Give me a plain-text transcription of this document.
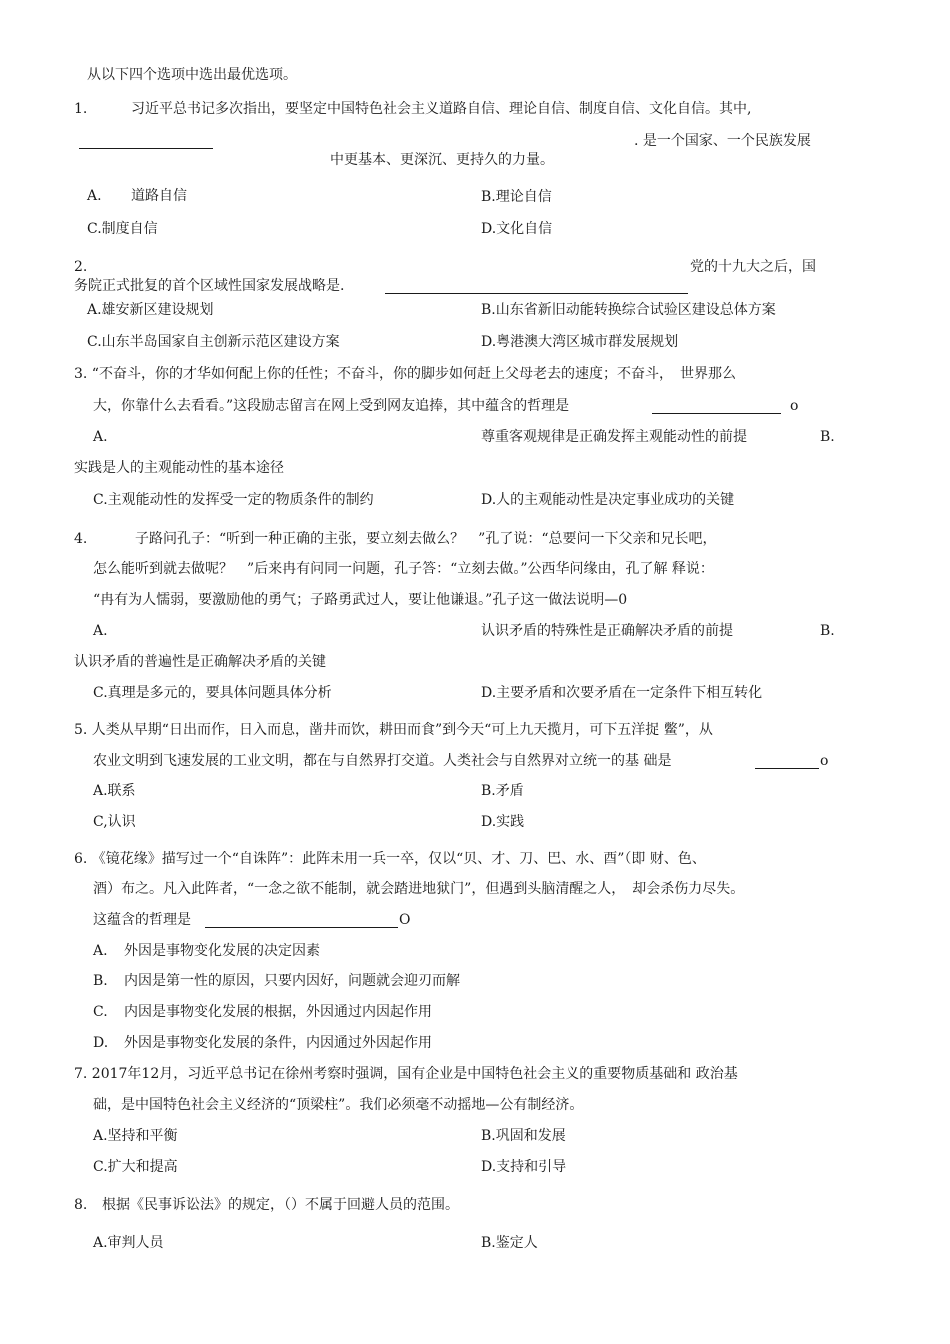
从以下四个选项中选出最优选项。
1.	习近平总书记多次指出，要坚定中国特色社会主义道路自信、理论自信、制度自信、文化自信。其中,
. 是一个国家、一个民族发展
中更基本、更深沉、更持久的力量。
A. 道路自信	B.理论自信
C.制度自信	D.文化自信
2.	党的十九大之后，国
务院正式批复的首个区域性国家发展战略是.
A.雄安新区建设规划	B.山东省新旧动能转换综合试验区建设总体方案
C.山东半岛国家自主创新示范区建设方案	D.粤港澳大湾区城市群发展规划
3. “不奋斗，你的才华如何配上你的任性；不奋斗，你的脚步如何赶上父母老去的速度；不奋斗，　世界那么
大，你靠什么去看看。”这段励志留言在网上受到网友追捧，其中蕴含的哲理是	o
A.	尊重客观规律是正确发挥主观能动性的前提	B.
实践是人的主观能动性的基本途径
C.主观能动性的发挥受一定的物质条件的制约	D.人的主观能动性是决定事业成功的关键
4.	子路问孔子：“听到一种正确的主张，要立刻去做么？　”孔了说：“总要问一下父亲和兄长吧，
怎么能听到就去做呢？　”后来冉有问同一问题，孔子答：“立刻去做。”公西华问缘由，孔了解 释说：
“冉有为人懦弱，要激励他的勇气；子路勇武过人，要让他谦退。”孔子这一做法说明—0
A.	认识矛盾的特殊性是正确解决矛盾的前提	B.
认识矛盾的普遍性是正确解决矛盾的关键
C.真理是多元的，要具体问题具体分析	D.主要矛盾和次要矛盾在一定条件下相互转化
5. 人类从早期“日出而作，日入而息，凿井而饮，耕田而食”到今天“可上九天揽月，可下五洋捉 鳖”，从
农业文明到飞速发展的工业文明，都在与自然界打交道。人类社会与自然界对立统一的基 础是	o
A.联系	B.矛盾
C,认识	D.实践
6. 《镜花缘》描写过一个“自诛阵”：此阵未用一兵一卒，仅以“贝、才、刀、巴、水、酉”（即 财、色、
酒）布之。凡入此阵者，“一念之欲不能制，就会踏进地狱门”，但遇到头脑清醒之人，　却会杀伤力尽失。
这蕴含的哲理是	O
A. 外因是事物变化发展的决定因素
B. 内因是第一性的原因，只要内因好，问题就会迎刃而解
C. 内因是事物变化发展的根据，外因通过内因起作用
D. 外因是事物变化发展的条件，内因通过外因起作用
7. 2017年12月，习近平总书记在徐州考察时强调，国有企业是中国特色社会主义的重要物质基础和 政治基
础，是中国特色社会主义经济的“顶梁柱”。我们必须毫不动摇地—公有制经济。
A.坚持和平衡	B.巩固和发展
C.扩大和提高	D.支持和引导
8. 根据《民事诉讼法》的规定，（）不属于回避人员的范围。
A.审判人员	B.鉴定人
